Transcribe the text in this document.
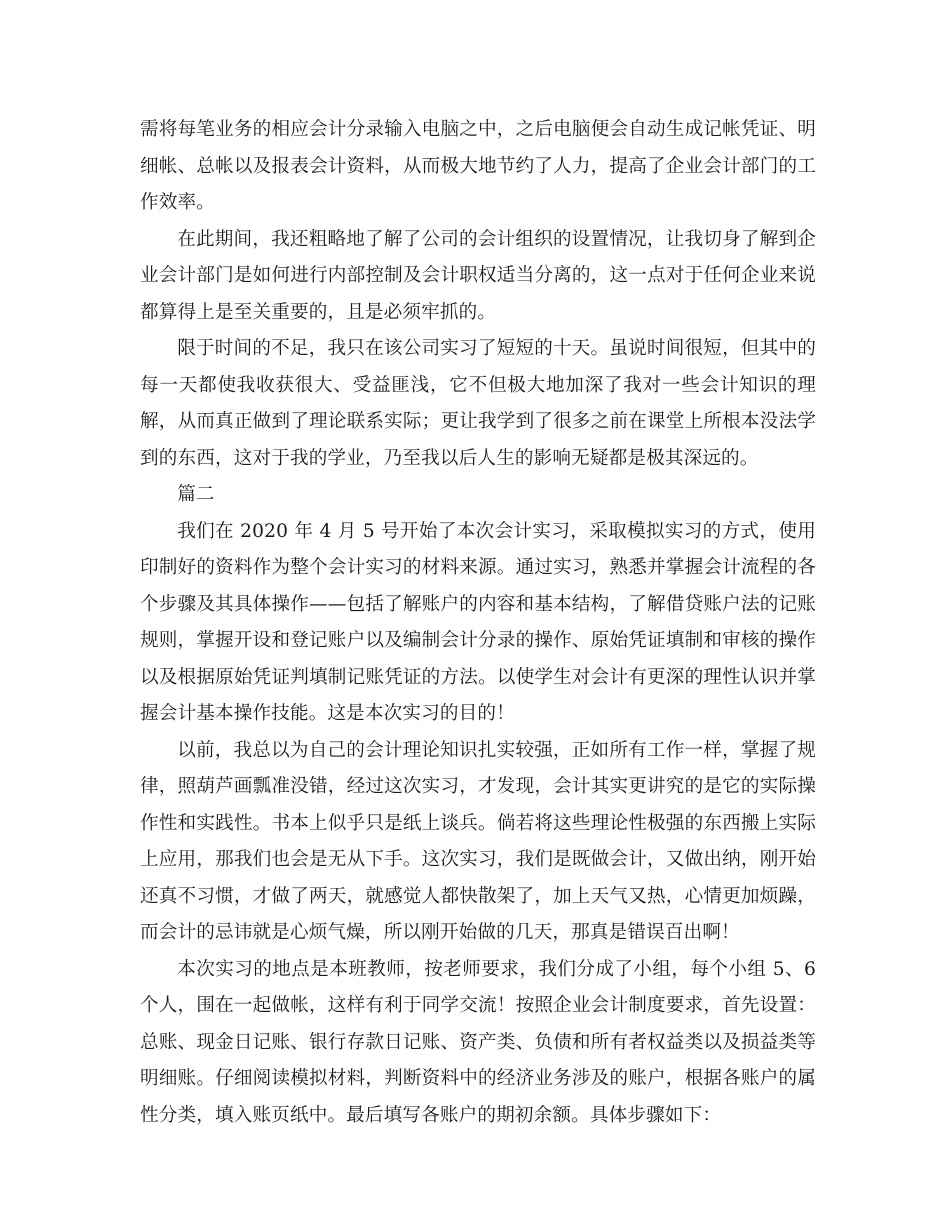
需将每笔业务的相应会计分录输入电脑之中，之后电脑便会自动生成记帐凭证、明细帐、总帐以及报表会计资料，从而极大地节约了人力，提高了企业会计部门的工作效率。

在此期间，我还粗略地了解了公司的会计组织的设置情况，让我切身了解到企业会计部门是如何进行内部控制及会计职权适当分离的，这一点对于任何企业来说都算得上是至关重要的，且是必须牢抓的。

限于时间的不足，我只在该公司实习了短短的十天。虽说时间很短，但其中的每一天都使我收获很大、受益匪浅，它不但极大地加深了我对一些会计知识的理解，从而真正做到了理论联系实际；更让我学到了很多之前在课堂上所根本没法学到的东西，这对于我的学业，乃至我以后人生的影响无疑都是极其深远的。

篇二

我们在 2020 年 4 月 5 号开始了本次会计实习，采取模拟实习的方式，使用印制好的资料作为整个会计实习的材料来源。通过实习，熟悉并掌握会计流程的各个步骤及其具体操作——包括了解账户的内容和基本结构，了解借贷账户法的记账规则，掌握开设和登记账户以及编制会计分录的操作、原始凭证填制和审核的操作以及根据原始凭证判填制记账凭证的方法。以使学生对会计有更深的理性认识并掌握会计基本操作技能。这是本次实习的目的！

以前，我总以为自己的会计理论知识扎实较强，正如所有工作一样，掌握了规律，照葫芦画瓢准没错，经过这次实习，才发现，会计其实更讲究的是它的实际操作性和实践性。书本上似乎只是纸上谈兵。倘若将这些理论性极强的东西搬上实际上应用，那我们也会是无从下手。这次实习，我们是既做会计，又做出纳，刚开始还真不习惯，才做了两天，就感觉人都快散架了，加上天气又热，心情更加烦躁，而会计的忌讳就是心烦气燥，所以刚开始做的几天，那真是错误百出啊！

本次实习的地点是本班教师，按老师要求，我们分成了小组，每个小组 5、6 个人，围在一起做帐，这样有利于同学交流！按照企业会计制度要求，首先设置：总账、现金日记账、银行存款日记账、资产类、负债和所有者权益类以及损益类等明细账。仔细阅读模拟材料，判断资料中的经济业务涉及的账户，根据各账户的属性分类，填入账页纸中。最后填写各账户的期初余额。具体步骤如下：
